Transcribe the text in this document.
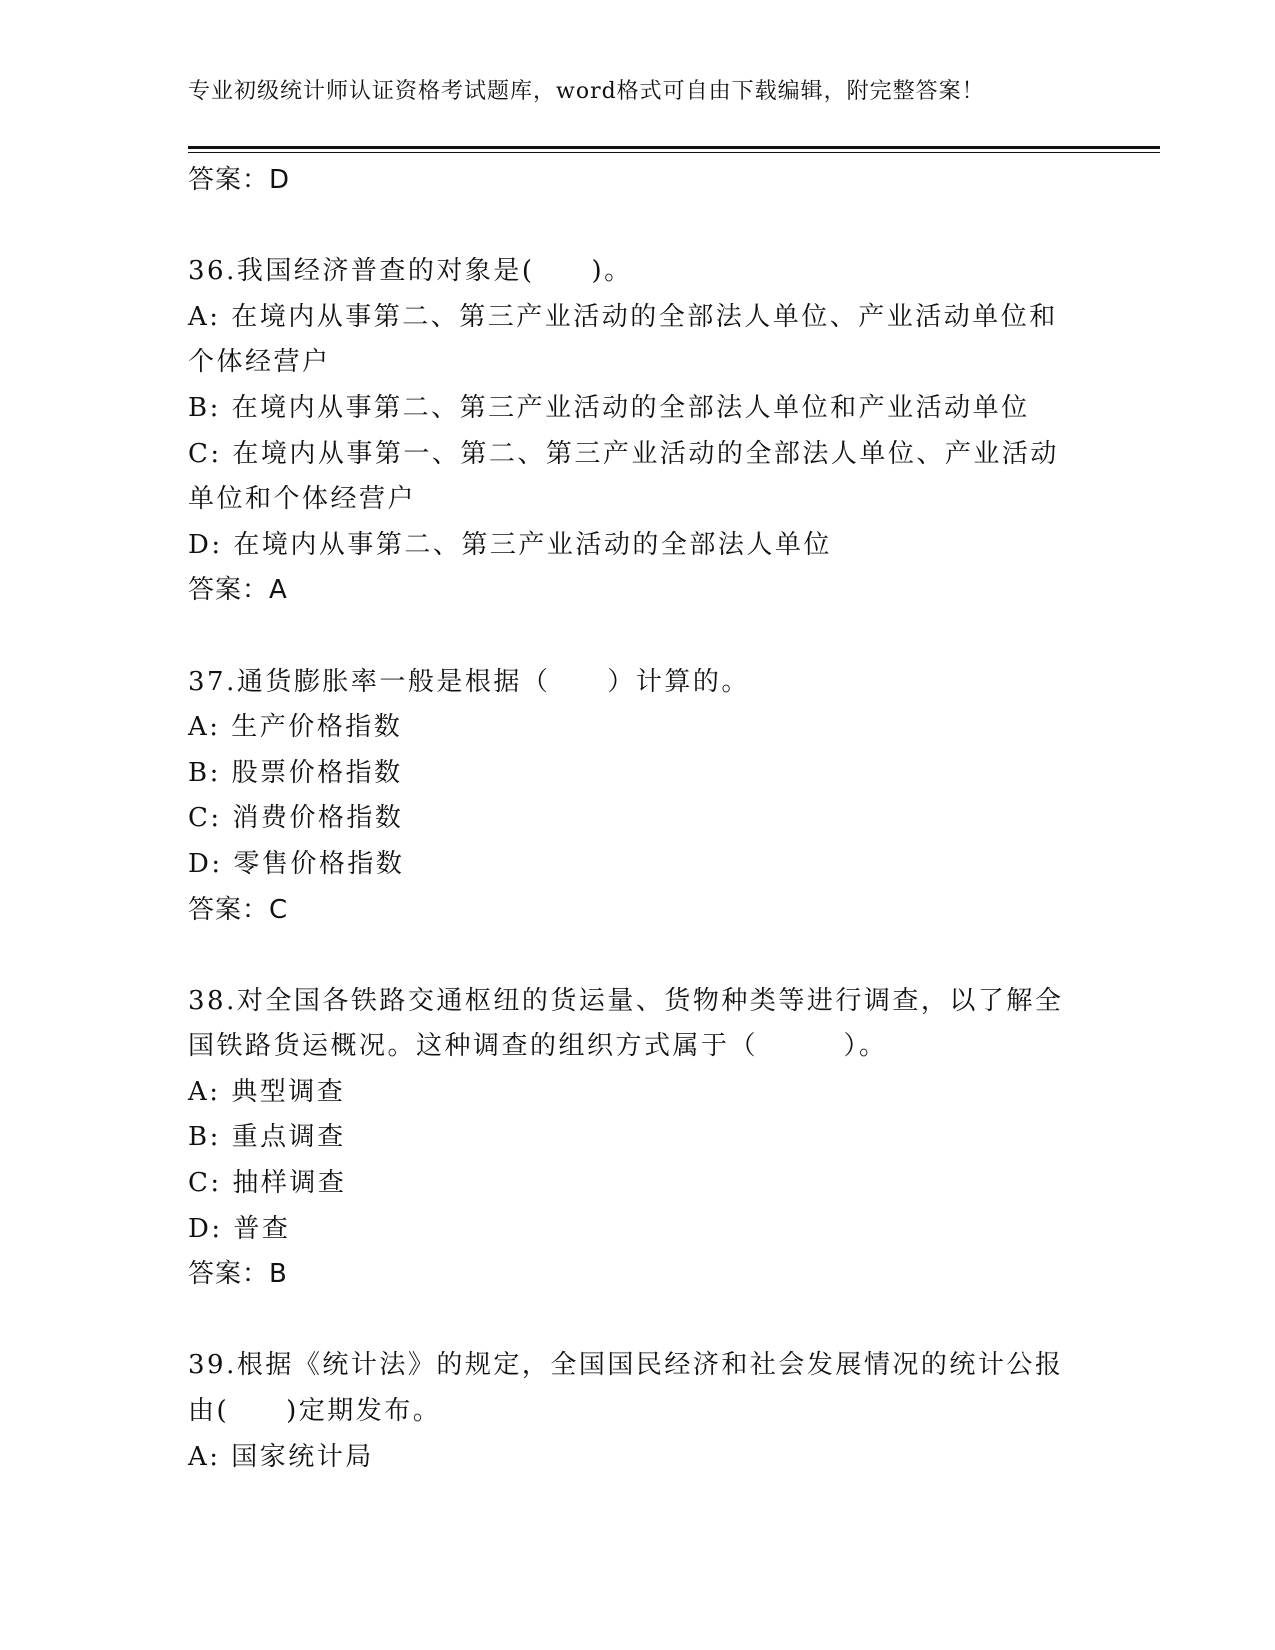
专业初级统计师认证资格考试题库，word格式可自由下载编辑，附完整答案！
答案：D
36.我国经济普查的对象是(　　)。
A: 在境内从事第二、第三产业活动的全部法人单位、产业活动单位和
个体经营户
B: 在境内从事第二、第三产业活动的全部法人单位和产业活动单位
C: 在境内从事第一、第二、第三产业活动的全部法人单位、产业活动
单位和个体经营户
D: 在境内从事第二、第三产业活动的全部法人单位
答案：A
37.通货膨胀率一般是根据（　　）计算的。
A: 生产价格指数
B: 股票价格指数
C: 消费价格指数
D: 零售价格指数
答案：C
38.对全国各铁路交通枢纽的货运量、货物种类等进行调查，以了解全
国铁路货运概况。这种调查的组织方式属于（　　　）。
A: 典型调查
B: 重点调查
C: 抽样调查
D: 普查
答案：B
39.根据《统计法》的规定，全国国民经济和社会发展情况的统计公报
由(　　)定期发布。
A: 国家统计局
